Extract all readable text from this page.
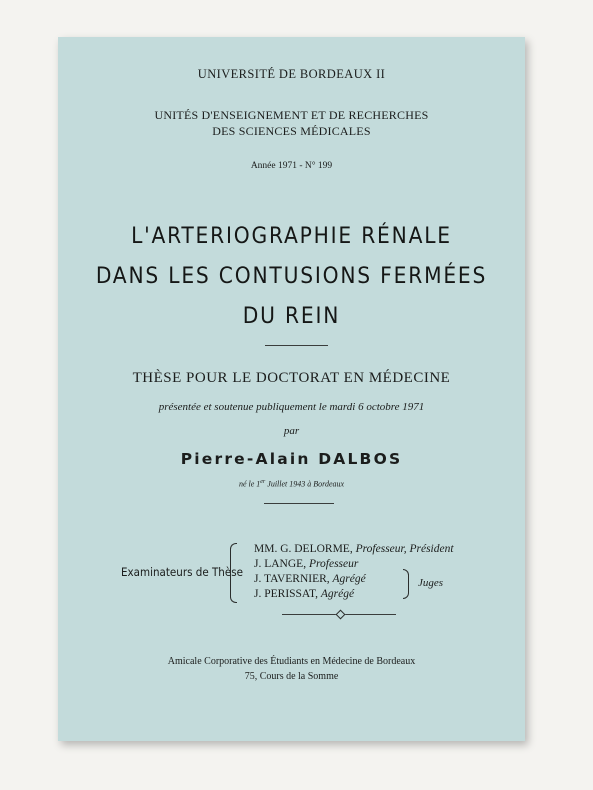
UNIVERSITÉ DE BORDEAUX II
UNITÉS D'ENSEIGNEMENT ET DE RECHERCHES
DES SCIENCES MÉDICALES
Année 1971 - N° 199
L'ARTERIOGRAPHIE RÉNALE
DANS LES CONTUSIONS FERMÉES
DU REIN
THÈSE POUR LE DOCTORAT EN MÉDECINE
présentée et soutenue publiquement le mardi 6 octobre 1971
par
Pierre-Alain DALBOS
né le 1er Juillet 1943 à Bordeaux
Examinateurs de Thèse
MM. G. DELORME, Professeur, Président
J. LANGE, Professeur
J. TAVERNIER, Agrégé
J. PERISSAT, Agrégé
Juges
Amicale Corporative des Étudiants en Médecine de Bordeaux
75, Cours de la Somme
